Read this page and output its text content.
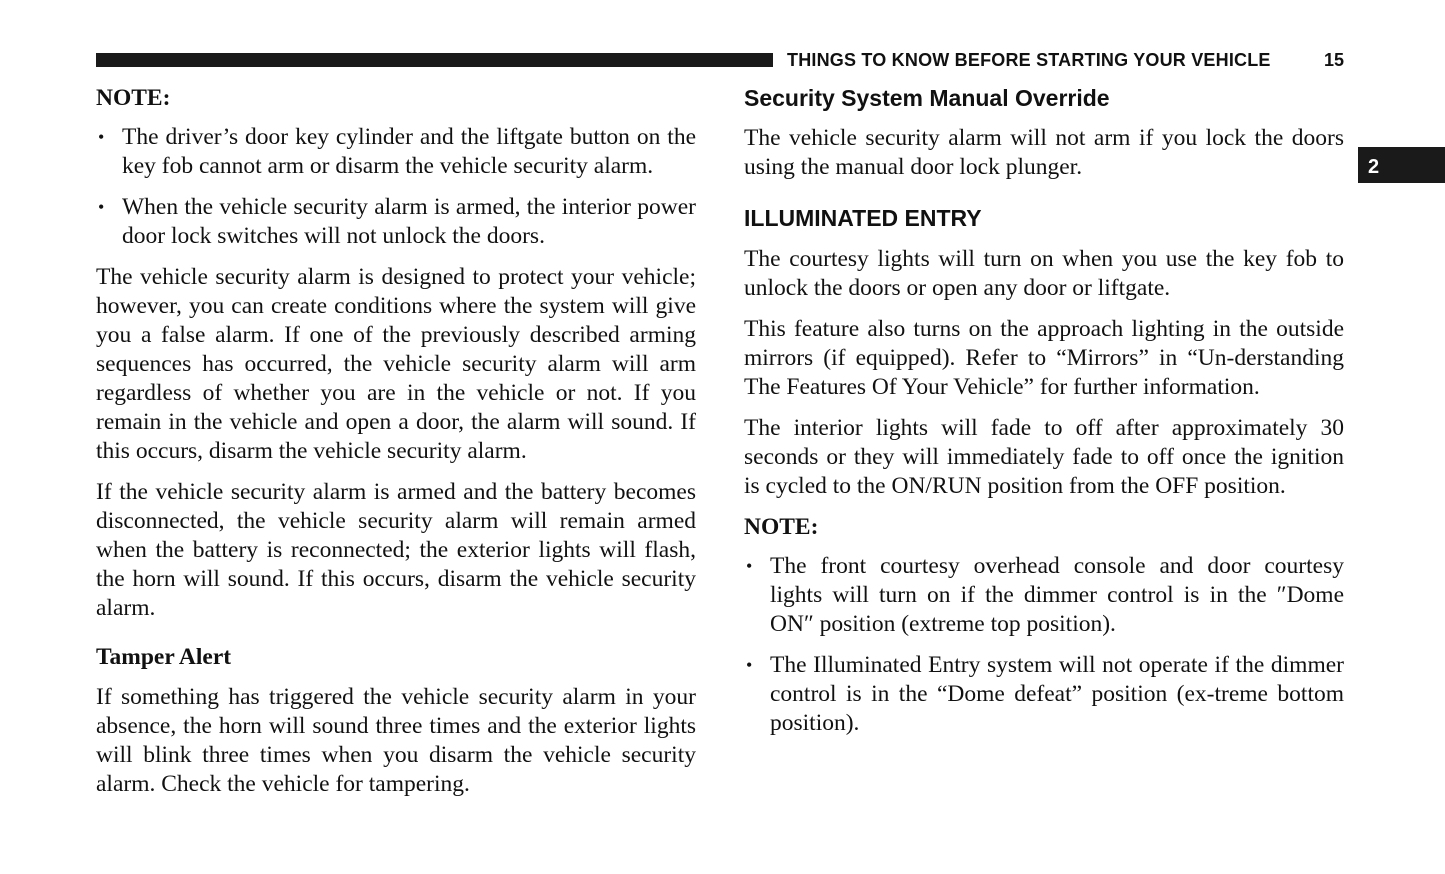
THINGS TO KNOW BEFORE STARTING YOUR VEHICLE	15
2
NOTE:
• The driver’s door key cylinder and the liftgate button on the key fob cannot arm or disarm the vehicle security alarm.
• When the vehicle security alarm is armed, the interior power door lock switches will not unlock the doors.

The vehicle security alarm is designed to protect your vehicle; however, you can create conditions where the system will give you a false alarm. If one of the previously described arming sequences has occurred, the vehicle security alarm will arm regardless of whether you are in the vehicle or not. If you remain in the vehicle and open a door, the alarm will sound. If this occurs, disarm the vehicle security alarm.

If the vehicle security alarm is armed and the battery becomes disconnected, the vehicle security alarm will remain armed when the battery is reconnected; the exterior lights will flash, the horn will sound. If this occurs, disarm the vehicle security alarm.

Tamper Alert

If something has triggered the vehicle security alarm in your absence, the horn will sound three times and the exterior lights will blink three times when you disarm the vehicle security alarm. Check the vehicle for tampering.

Security System Manual Override

The vehicle security alarm will not arm if you lock the doors using the manual door lock plunger.

ILLUMINATED ENTRY

The courtesy lights will turn on when you use the key fob to unlock the doors or open any door or liftgate.

This feature also turns on the approach lighting in the outside mirrors (if equipped). Refer to “Mirrors” in “Un-derstanding The Features Of Your Vehicle” for further information.

The interior lights will fade to off after approximately 30 seconds or they will immediately fade to off once the ignition is cycled to the ON/RUN position from the OFF position.

NOTE:
• The front courtesy overhead console and door courtesy lights will turn on if the dimmer control is in the ″Dome ON″ position (extreme top position).
• The Illuminated Entry system will not operate if the dimmer control is in the “Dome defeat” position (ex-treme bottom position).
